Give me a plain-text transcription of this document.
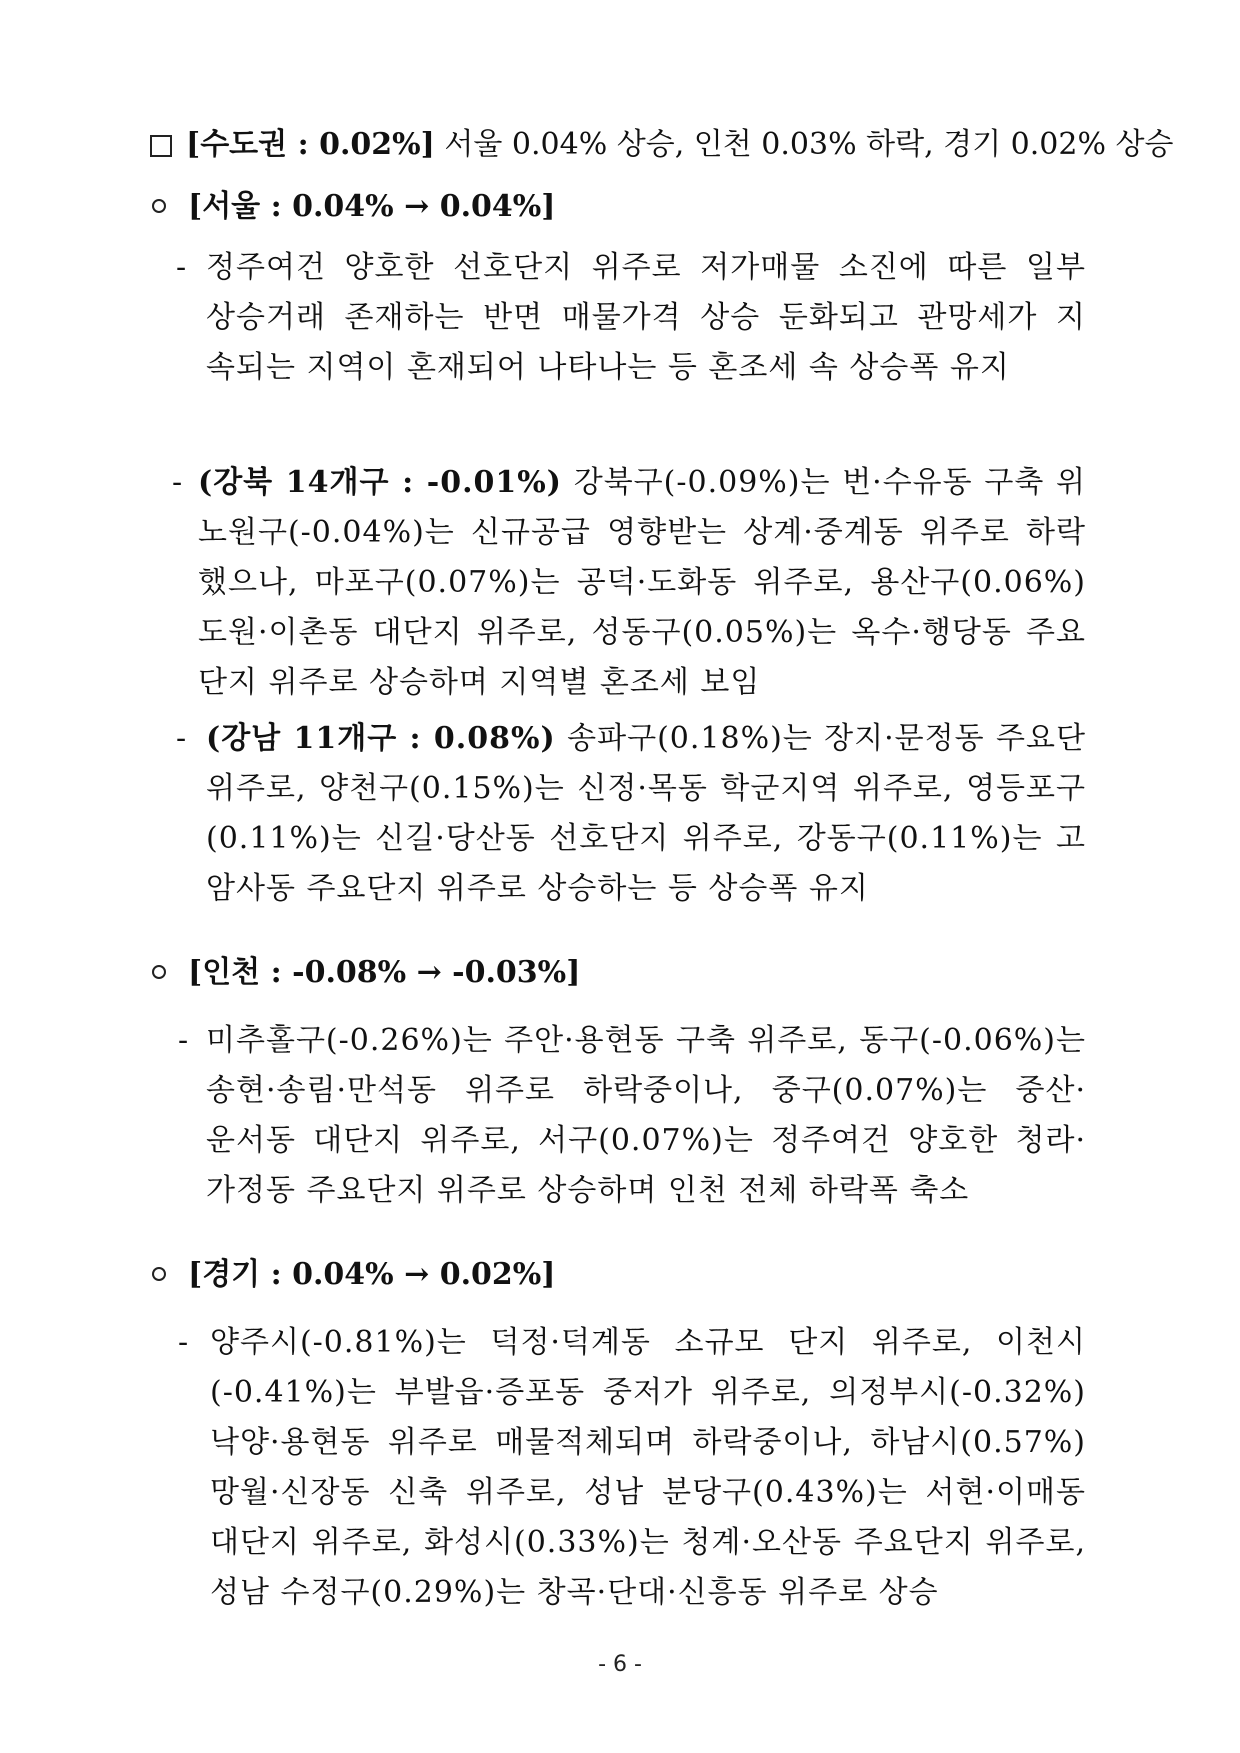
[수도권 : 0.02%] 서울 0.04% 상승, 인천 0.03% 하락, 경기 0.02% 상승
[서울 : 0.04% → 0.04%]
- 정주여건 양호한 선호단지 위주로 저가매물 소진에 따른 일부
상승거래 존재하는 반면 매물가격 상승 둔화되고 관망세가 지
속되는 지역이 혼재되어 나타나는 등 혼조세 속 상승폭 유지
- (강북 14개구 : -0.01%) 강북구(-0.09%)는 번·수유동 구축 위
노원구(-0.04%)는 신규공급 영향받는 상계·중계동 위주로 하락
했으나, 마포구(0.07%)는 공덕·도화동 위주로, 용산구(0.06%)
도원·이촌동 대단지 위주로, 성동구(0.05%)는 옥수·행당동 주요
단지 위주로 상승하며 지역별 혼조세 보임
- (강남 11개구 : 0.08%) 송파구(0.18%)는 장지·문정동 주요단
위주로, 양천구(0.15%)는 신정·목동 학군지역 위주로, 영등포구
(0.11%)는 신길·당산동 선호단지 위주로, 강동구(0.11%)는 고
암사동 주요단지 위주로 상승하는 등 상승폭 유지
[인천 : -0.08% → -0.03%]
- 미추홀구(-0.26%)는 주안·용현동 구축 위주로, 동구(-0.06%)는
송현·송림·만석동 위주로 하락중이나, 중구(0.07%)는 중산·
운서동 대단지 위주로, 서구(0.07%)는 정주여건 양호한 청라·
가정동 주요단지 위주로 상승하며 인천 전체 하락폭 축소
[경기 : 0.04% → 0.02%]
- 양주시(-0.81%)는 덕정·덕계동 소규모 단지 위주로, 이천시
(-0.41%)는 부발읍·증포동 중저가 위주로, 의정부시(-0.32%)
낙양·용현동 위주로 매물적체되며 하락중이나, 하남시(0.57%)
망월·신장동 신축 위주로, 성남 분당구(0.43%)는 서현·이매동
대단지 위주로, 화성시(0.33%)는 청계·오산동 주요단지 위주로,
성남 수정구(0.29%)는 창곡·단대·신흥동 위주로 상승
- 6 -
